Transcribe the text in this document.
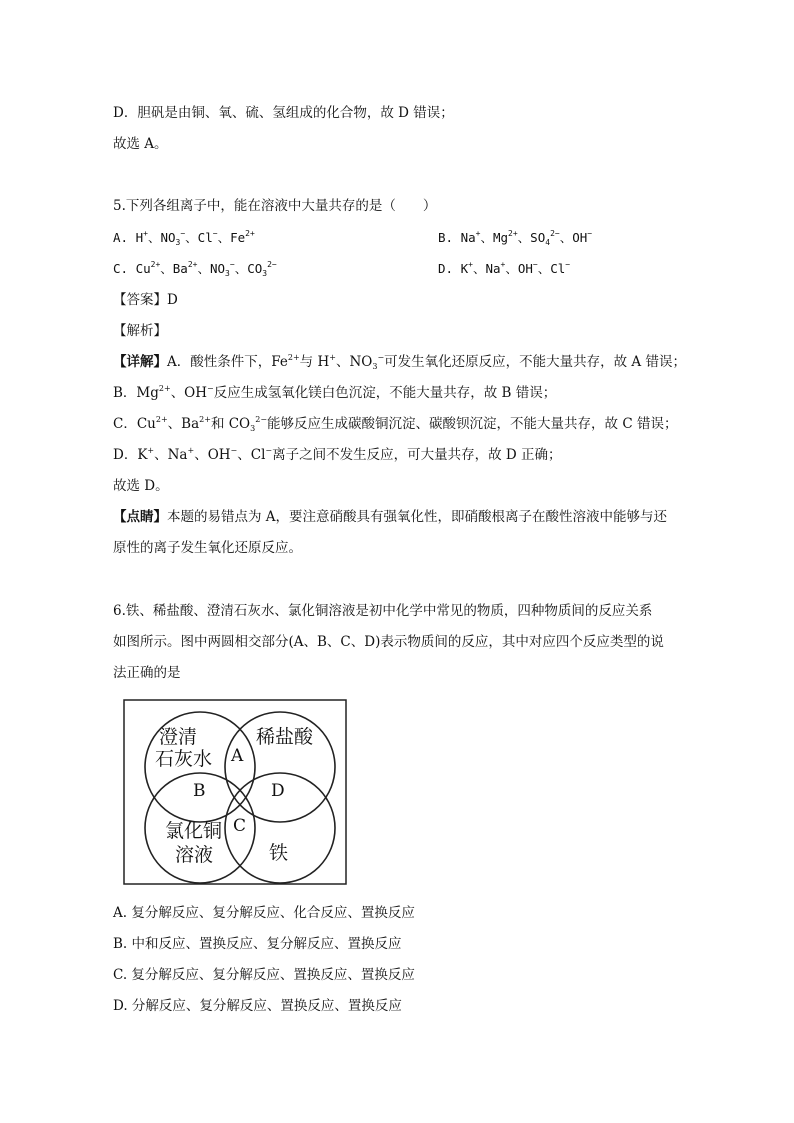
D．胆矾是由铜、氧、硫、氢组成的化合物，故 D 错误；
故选 A。
5.下列各组离子中，能在溶液中大量共存的是（　　）
A. H+、$NO_3^-$、Cl−、$Fe^{2+}$	B. Na+、$Mg^{2+}$、$SO_4^{2-}$、OH−
C. $Cu^{2+}$、$Ba^{2+}$、$NO_3^-$、$CO_3^{2-}$	D. K+、Na+、OH−、Cl−
【答案】D
【解析】
【详解】A．酸性条件下，$Fe^{2+}$与 H+、$NO_3^-$可发生氧化还原反应，不能大量共存，故 A 错误；
B．$Mg^{2+}$、OH−反应生成氢氧化镁白色沉淀，不能大量共存，故 B 错误；
C．$Cu^{2+}$、$Ba^{2+}$和 $CO_3^{2-}$能够反应生成碳酸铜沉淀、碳酸钡沉淀，不能大量共存，故 C 错误；
D．K+、Na+、OH−、Cl−离子之间不发生反应，可大量共存，故 D 正确；
故选 D。
【点睛】本题的易错点为 A，要注意硝酸具有强氧化性，即硝酸根离子在酸性溶液中能够与还
原性的离子发生氧化还原反应。
6.铁、稀盐酸、澄清石灰水、氯化铜溶液是初中化学中常见的物质，四种物质间的反应关系
如图所示。图中两圆相交部分(A、B、C、D)表示物质间的反应，其中对应四个反应类型的说
法正确的是
澄清
石灰水
稀盐酸
氯化铜
溶液	铁
A
B
C
D
A. 复分解反应、复分解反应、化合反应、置换反应
B. 中和反应、置换反应、复分解反应、置换反应
C. 复分解反应、复分解反应、置换反应、置换反应
D. 分解反应、复分解反应、置换反应、置换反应
